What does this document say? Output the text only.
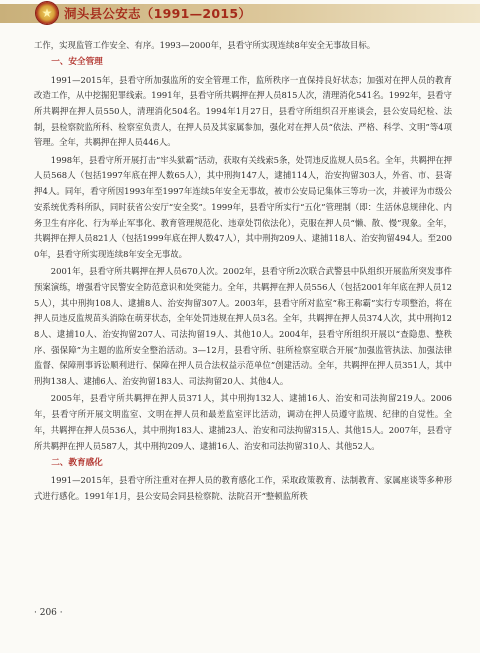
★ 洞头县公安志（1991—2015）

工作，实现监管工作安全、有序。1993—2000年，县看守所实现连续8年安全无事故目标。

一、安全管理

1991—2015年，县看守所加强监所的安全管理工作，监所秩序一直保持良好状态；加强对在押人员的教育改造工作，从中挖掘犯罪线索。1991年，县看守所共羁押在押人员815人次，清理消化541名。1992年，县看守所共羁押在押人员550人，清理消化504名。1994年1月27日，县看守所组织召开座谈会，县公安局纪检、法制，县检察院监所科、检察室负责人，在押人员及其家属参加，强化对在押人员“依法、严格、科学、文明”等4项管理。全年，共羁押在押人员446人。

1998年，县看守所开展打击“牢头狱霸”活动，获取有关线索5条，处罚违反监规人员5名。全年，共羁押在押人员568人（包括1997年底在押人数65人），其中刑拘147人，逮捕114人，治安拘留303人，外省、市、县寄押4人。同年，看守所因1993年至1997年连续5年安全无事故，被市公安局记集体三等功一次，并被评为市级公安系统优秀科所队，同时获省公安厅“安全奖”。1999年，县看守所实行“五化”管理制（即：生活休息规律化、内务卫生有序化、行为举止军事化、教育管理规范化、违章处罚依法化），克服在押人员“懒、散、慢”现象。全年，共羁押在押人员821人（包括1999年底在押人数47人），其中刑拘209人、逮捕118人、治安拘留494人。至2000年，县看守所实现连续8年安全无事故。

2001年，县看守所共羁押在押人员670人次。2002年，县看守所2次联合武警县中队组织开展监所突发事件预案演练，增强看守民警安全防范意识和处突能力。全年，共羁押在押人员556人（包括2001年年底在押人员125人），其中刑拘108人、逮捕8人、治安拘留307人。2003年，县看守所对监室“称王称霸”实行专项整治，将在押人员违反监规苗头消除在萌芽状态，全年处罚违规在押人员3名。全年，共羁押在押人员374人次，其中刑拘128人、逮捕10人、治安拘留207人、司法拘留19人、其他10人。2004年，县看守所组织开展以“查隐患、整秩序、强保障”为主题的监所安全整治活动。3—12月，县看守所、驻所检察室联合开展“加强监管执法、加强法律监督、保障刑事诉讼顺利进行、保障在押人员合法权益示范单位”创建活动。全年，共羁押在押人员351人，其中刑拘138人、逮捕6人、治安拘留183人、司法拘留20人、其他4人。

2005年，县看守所共羁押在押人员371人，其中刑拘132人、逮捕16人、治安和司法拘留219人。2006年，县看守所开展文明监室、文明在押人员和最差监室评比活动，调动在押人员遵守监规、纪律的自觉性。全年，共羁押在押人员536人，其中刑拘183人、逮捕23人、治安和司法拘留315人、其他15人。2007年，县看守所共羁押在押人员587人，其中刑拘209人、逮捕16人、治安和司法拘留310人、其他52人。

二、教育感化

1991—2015年，县看守所注重对在押人员的教育感化工作，采取政策教育、法制教育、家属座谈等多种形式进行感化。1991年1月，县公安局会同县检察院、法院召开“整顿监所秩

· 206 ·
